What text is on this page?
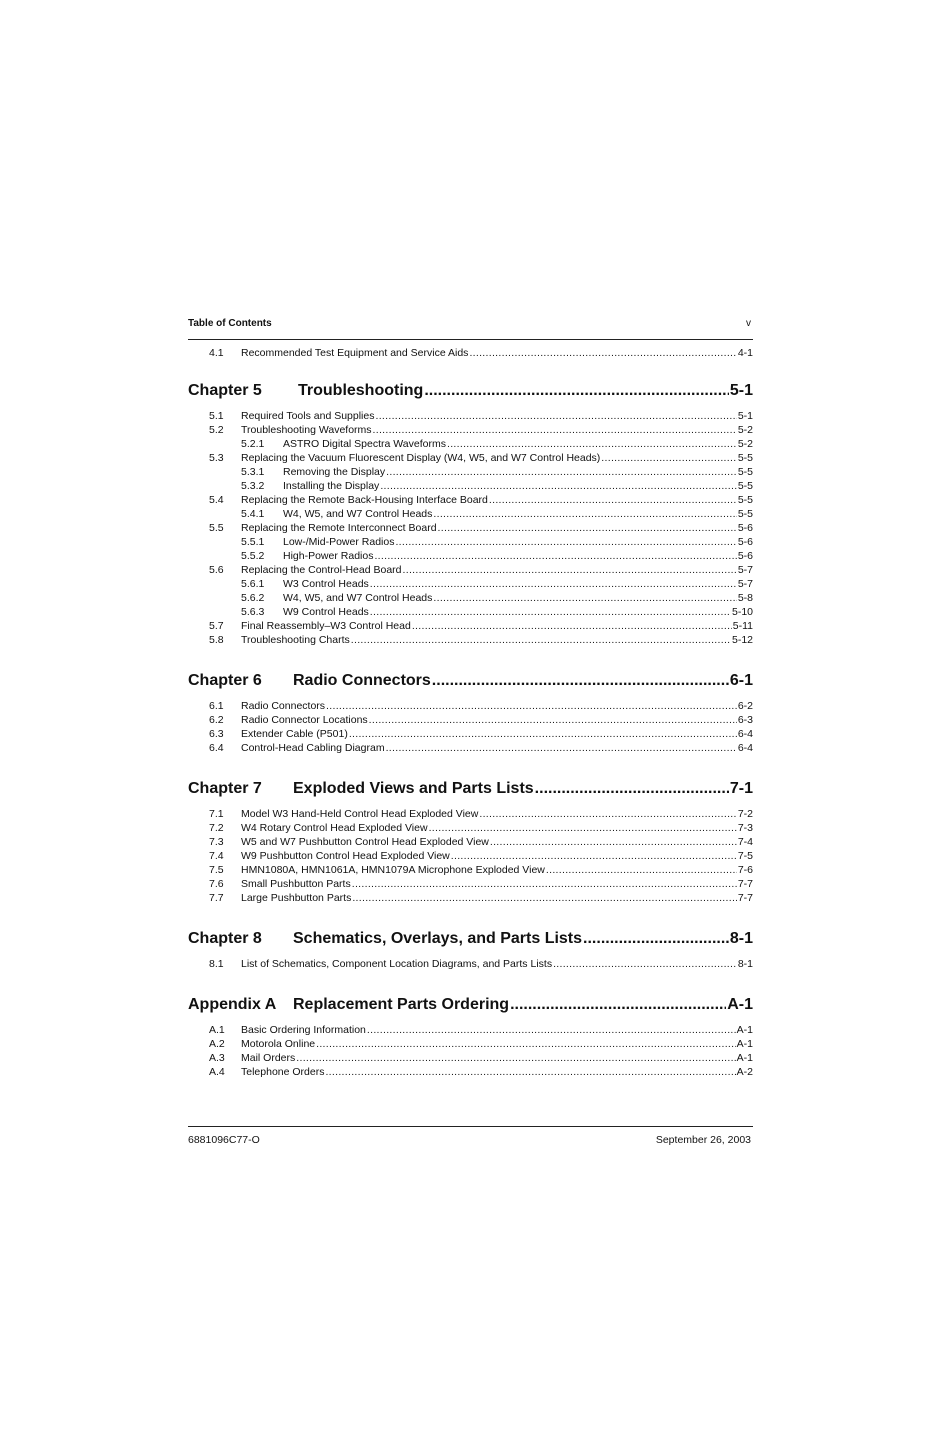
Table of Contents	v
4.1 Recommended Test Equipment and Service Aids .....	4-1
Chapter 5 Troubleshooting .....	5-1
5.1 Required Tools and Supplies .....	5-1
5.2 Troubleshooting Waveforms .....	5-2
5.2.1 ASTRO Digital Spectra Waveforms .....	5-2
5.3 Replacing the Vacuum Fluorescent Display (W4, W5, and W7 Control Heads) .....	5-5
5.3.1 Removing the Display .....	5-5
5.3.2 Installing the Display .....	5-5
5.4 Replacing the Remote Back-Housing Interface Board .....	5-5
5.4.1 W4, W5, and W7 Control Heads .....	5-5
5.5 Replacing the Remote Interconnect Board .....	5-6
5.5.1 Low-/Mid-Power Radios .....	5-6
5.5.2 High-Power Radios .....	5-6
5.6 Replacing the Control-Head Board .....	5-7
5.6.1 W3 Control Heads .....	5-7
5.6.2 W4, W5, and W7 Control Heads .....	5-8
5.6.3 W9 Control Heads .....	5-10
5.7 Final Reassembly–W3 Control Head .....	5-11
5.8 Troubleshooting Charts .....	5-12
Chapter 6 Radio Connectors .....	6-1
6.1 Radio Connectors .....	6-2
6.2 Radio Connector Locations .....	6-3
6.3 Extender Cable (P501) .....	6-4
6.4 Control-Head Cabling Diagram .....	6-4
Chapter 7 Exploded Views and Parts Lists .....	7-1
7.1 Model W3 Hand-Held Control Head Exploded View .....	7-2
7.2 W4 Rotary Control Head Exploded View .....	7-3
7.3 W5 and W7 Pushbutton Control Head Exploded View .....	7-4
7.4 W9 Pushbutton Control Head Exploded View .....	7-5
7.5 HMN1080A, HMN1061A, HMN1079A Microphone Exploded View .....	7-6
7.6 Small Pushbutton Parts .....	7-7
7.7 Large Pushbutton Parts .....	7-7
Chapter 8 Schematics, Overlays, and Parts Lists .....	8-1
8.1 List of Schematics, Component Location Diagrams, and Parts Lists .....	8-1
Appendix A Replacement Parts Ordering .....	A-1
A.1 Basic Ordering Information .....	A-1
A.2 Motorola Online .....	A-1
A.3 Mail Orders .....	A-1
A.4 Telephone Orders .....	A-2
6881096C77-O	September 26, 2003
